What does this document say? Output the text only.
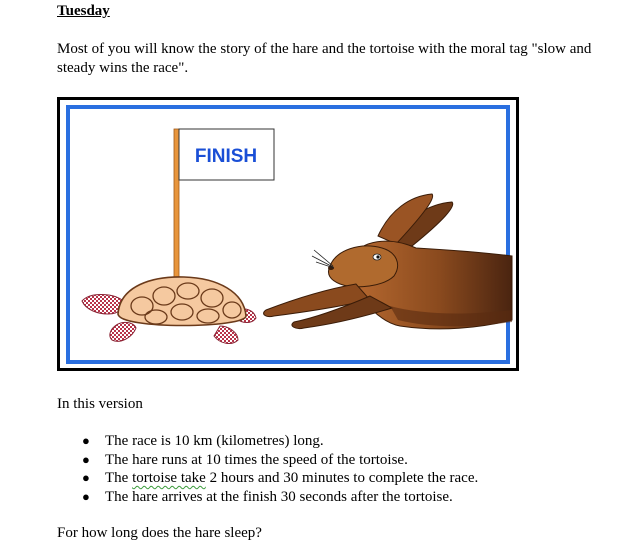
Tuesday
Most of you will know the story of the hare and the tortoise with the moral tag "slow and steady wins the race".
FINISH
In this version
● The race is 10 km (kilometres) long.
● The hare runs at 10 times the speed of the tortoise.
● The tortoise take 2 hours and 30 minutes to complete the race.
● The hare arrives at the finish 30 seconds after the tortoise.
For how long does the hare sleep?
